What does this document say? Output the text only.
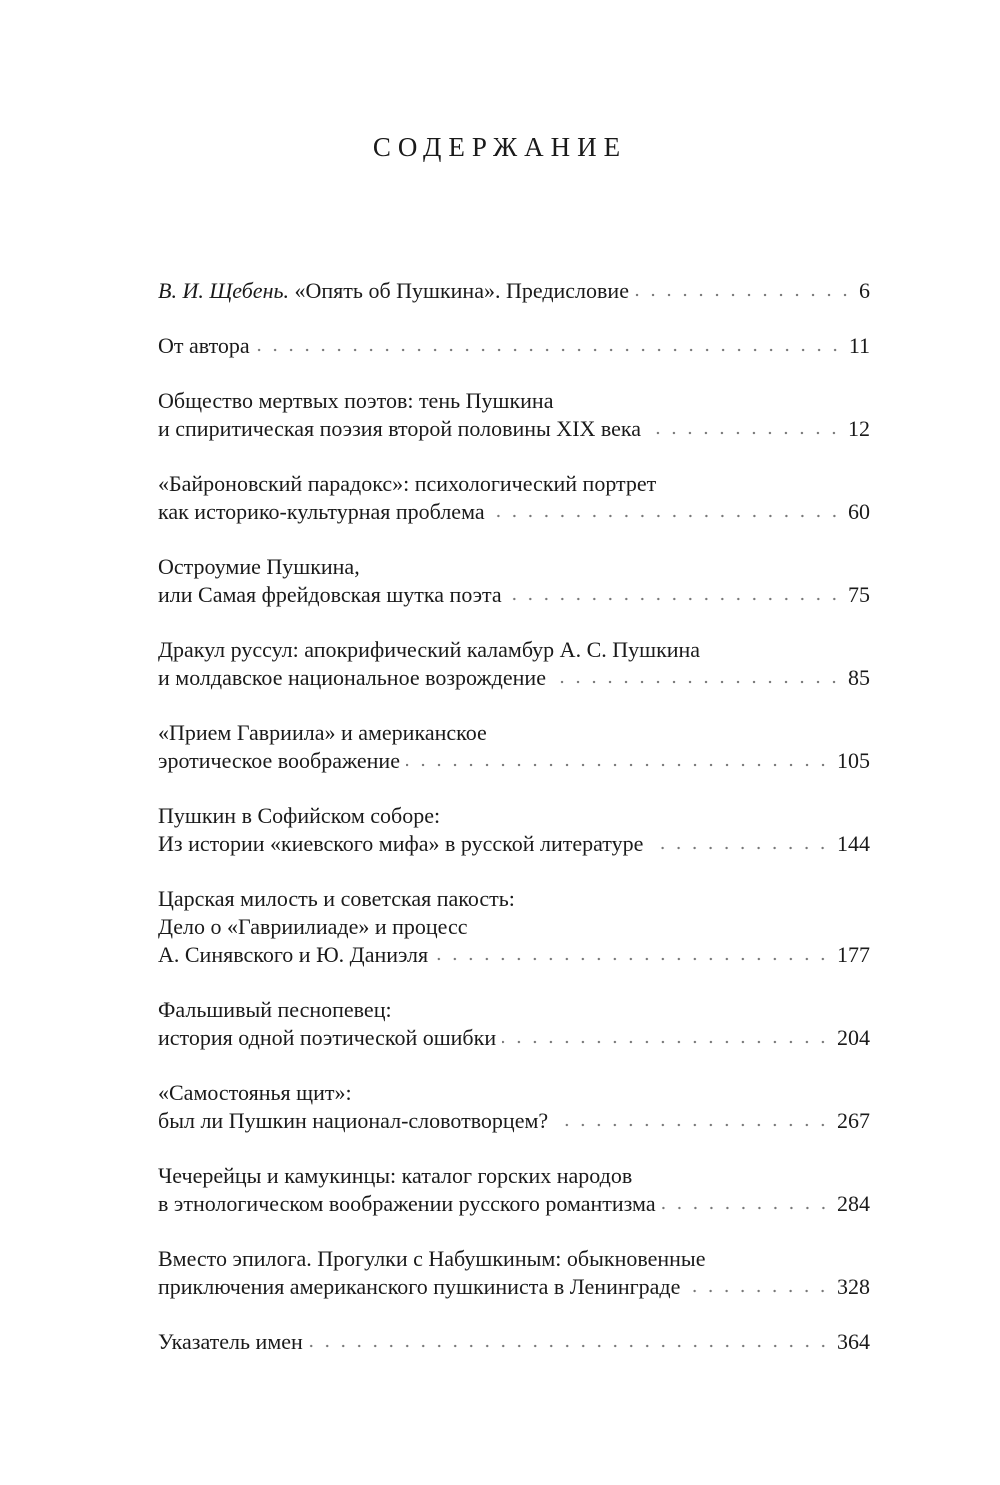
СОДЕРЖАНИЕ
В. И. Щебень.
«Опять об Пушкина». Предисловие	6
От автора	11
Общество мертвых поэтов: тень Пушкина
и спиритическая поэзия второй половины XIX века	12
«Байроновский парадокс»: психологический портрет
как историко-культурная проблема	60
Остроумие Пушкина,
или Самая фрейдовская шутка поэта	75
Дракул руссул: апокрифический каламбур А. С. Пушкина
и молдавское национальное возрождение	85
«Прием Гавриила» и американское
эротическое воображение	105
Пушкин в Софийском соборе:
Из истории «киевского мифа» в русской литературе	144
Царская милость и советская пакость:
Дело о «Гавриилиаде» и процесс
А. Синявского и Ю. Даниэля	177
Фальшивый песнопевец:
история одной поэтической ошибки	204
«Самостоянья щит»:
был ли Пушкин национал-словотворцем?	267
Чечерейцы и камукинцы: каталог горских народов
в этнологическом воображении русского романтизма	284
Вместо эпилога. Прогулки с Набушкиным: обыкновенные
приключения американского пушкиниста в Ленинграде	328
Указатель имен	364
